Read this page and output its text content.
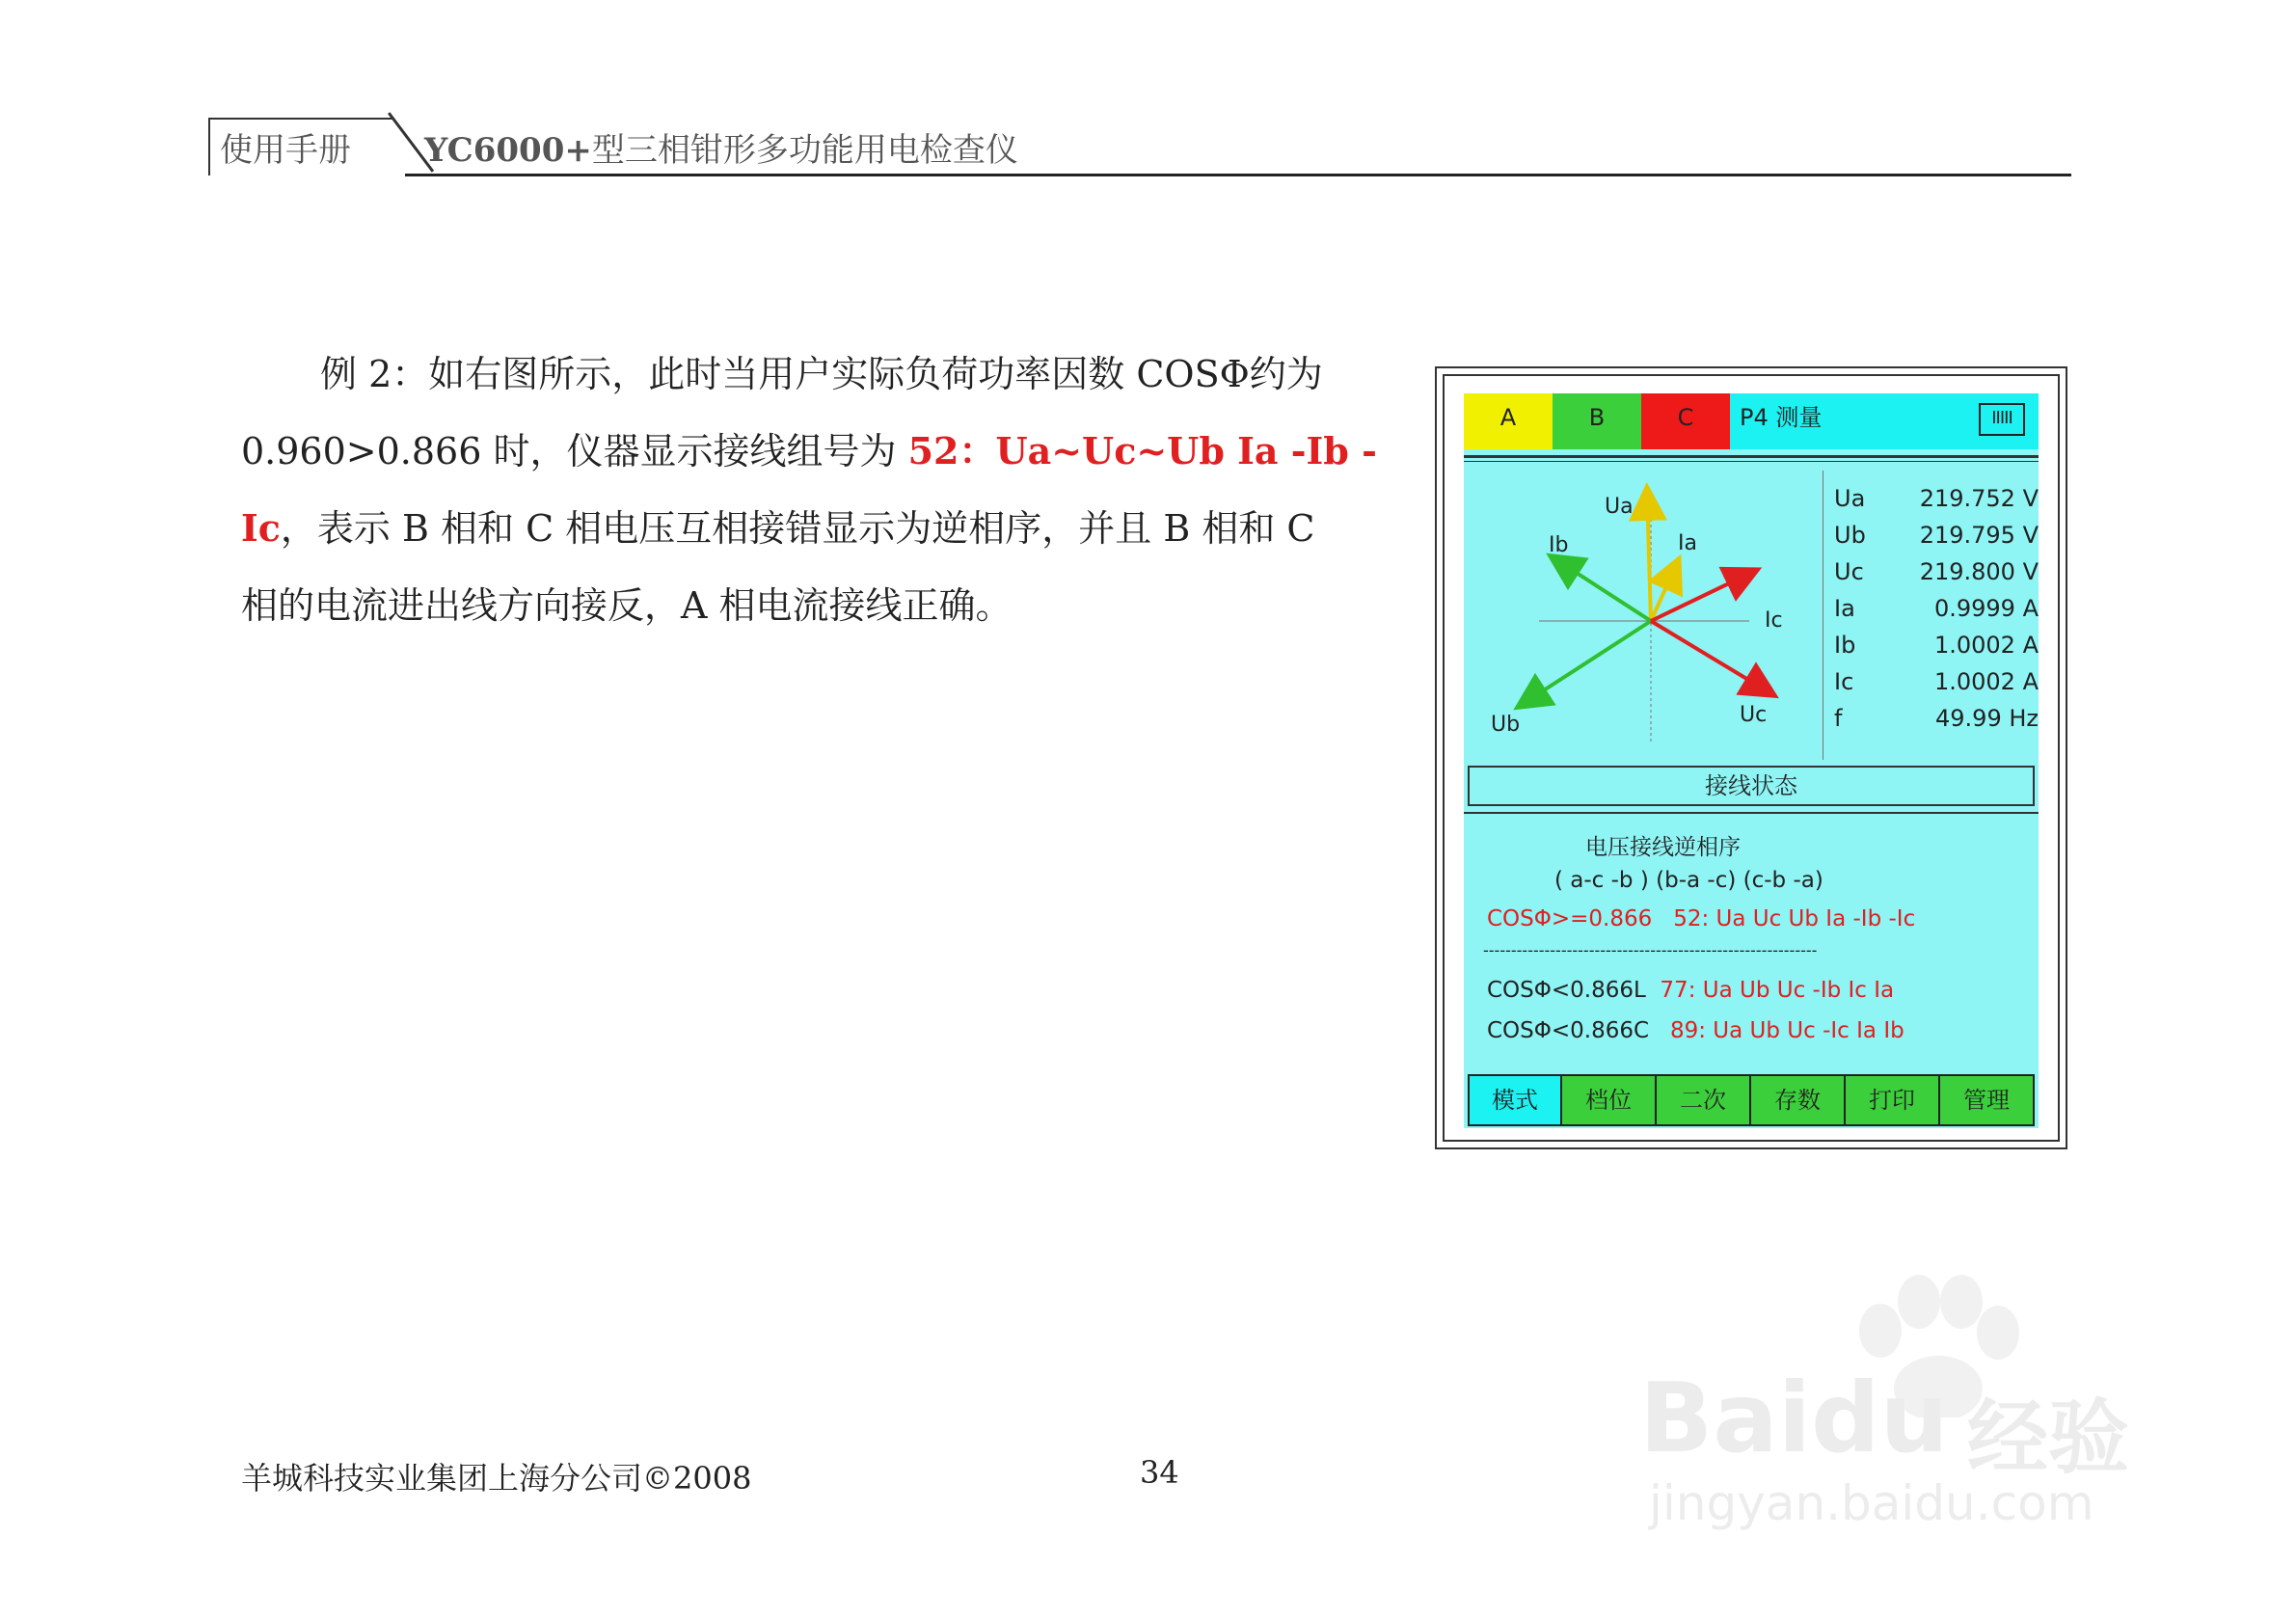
使用手册 YC6000+型三相钳形多功能用电检查仪
例 2：如右图所示，此时当用户实际负荷功率因数 COSΦ约为
0.960>0.866 时，仪器显示接线组号为 52：Ua~Uc~Ub Ia -Ib -
Ic，表示 B 相和 C 相电压互相接错显示为逆相序，并且 B 相和 C
相的电流进出线方向接反，A 相电流接线正确。
A	B	C	P4 测量	IIIII
Ua
Ia
Ib
Ic
Ub	Uc
Ua 219.752 V
Ub 219.795 V
Uc 219.800 V
Ia	0.9999 A
Ib	1.0002 A
Ic	1.0002 A
f	49.99 Hz
接线状态
电压接线逆相序
( a-c -b ) (b-a -c) (c-b -a)
COSΦ>=0.866 52: Ua Uc Ub Ia -Ib -Ic
------------------------------------------------------------
COSΦ<0.866L 77: Ua Ub Uc -Ib Ic Ia
COSΦ<0.866C 89: Ua Ub Uc -Ic Ia Ib
模式	档位	二次	存数	打印	管理
羊城科技实业集团上海分公司©2008	34	Baidu 经验
jingyan.baidu.com
